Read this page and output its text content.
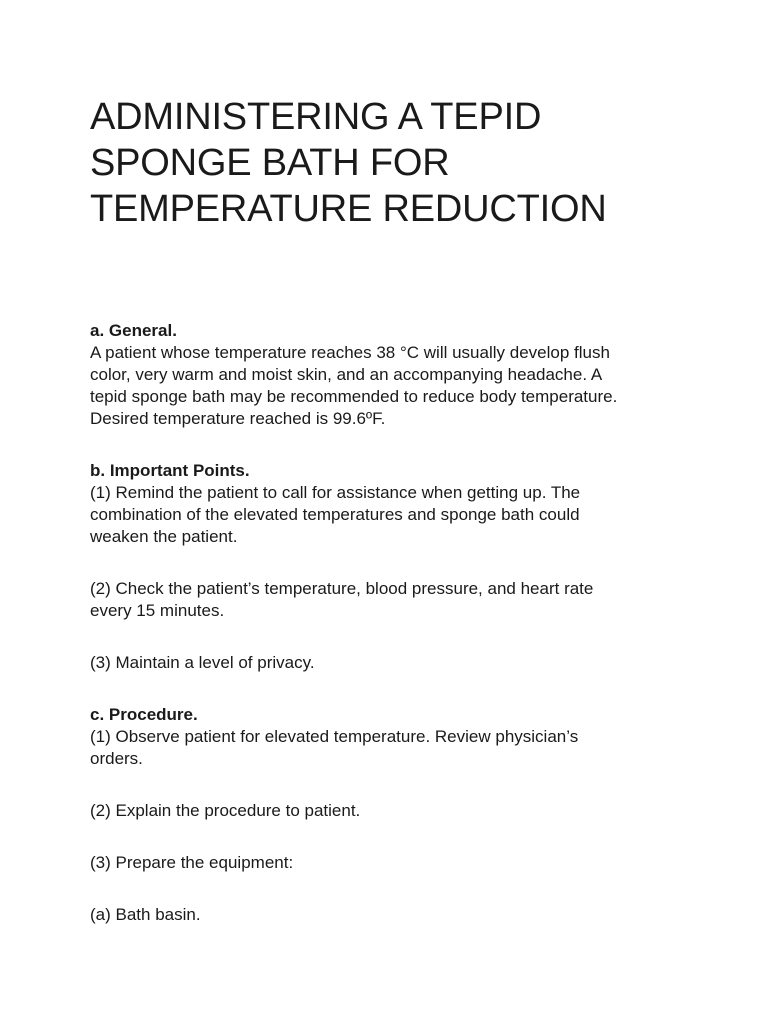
ADMINISTERING A TEPID
SPONGE BATH FOR
TEMPERATURE REDUCTION

a. General.

A patient whose temperature reaches 38 °C will usually develop flush
color, very warm and moist skin, and an accompanying headache. A
tepid sponge bath may be recommended to reduce body temperature.
Desired temperature reached is 99.6ºF.

b. Important Points.

(1) Remind the patient to call for assistance when getting up. The
combination of the elevated temperatures and sponge bath could
weaken the patient.

(2) Check the patient’s temperature, blood pressure, and heart rate
every 15 minutes.

(3) Maintain a level of privacy.

c. Procedure.

(1) Observe patient for elevated temperature. Review physician’s
orders.

(2) Explain the procedure to patient.

(3) Prepare the equipment:

(a) Bath basin.
